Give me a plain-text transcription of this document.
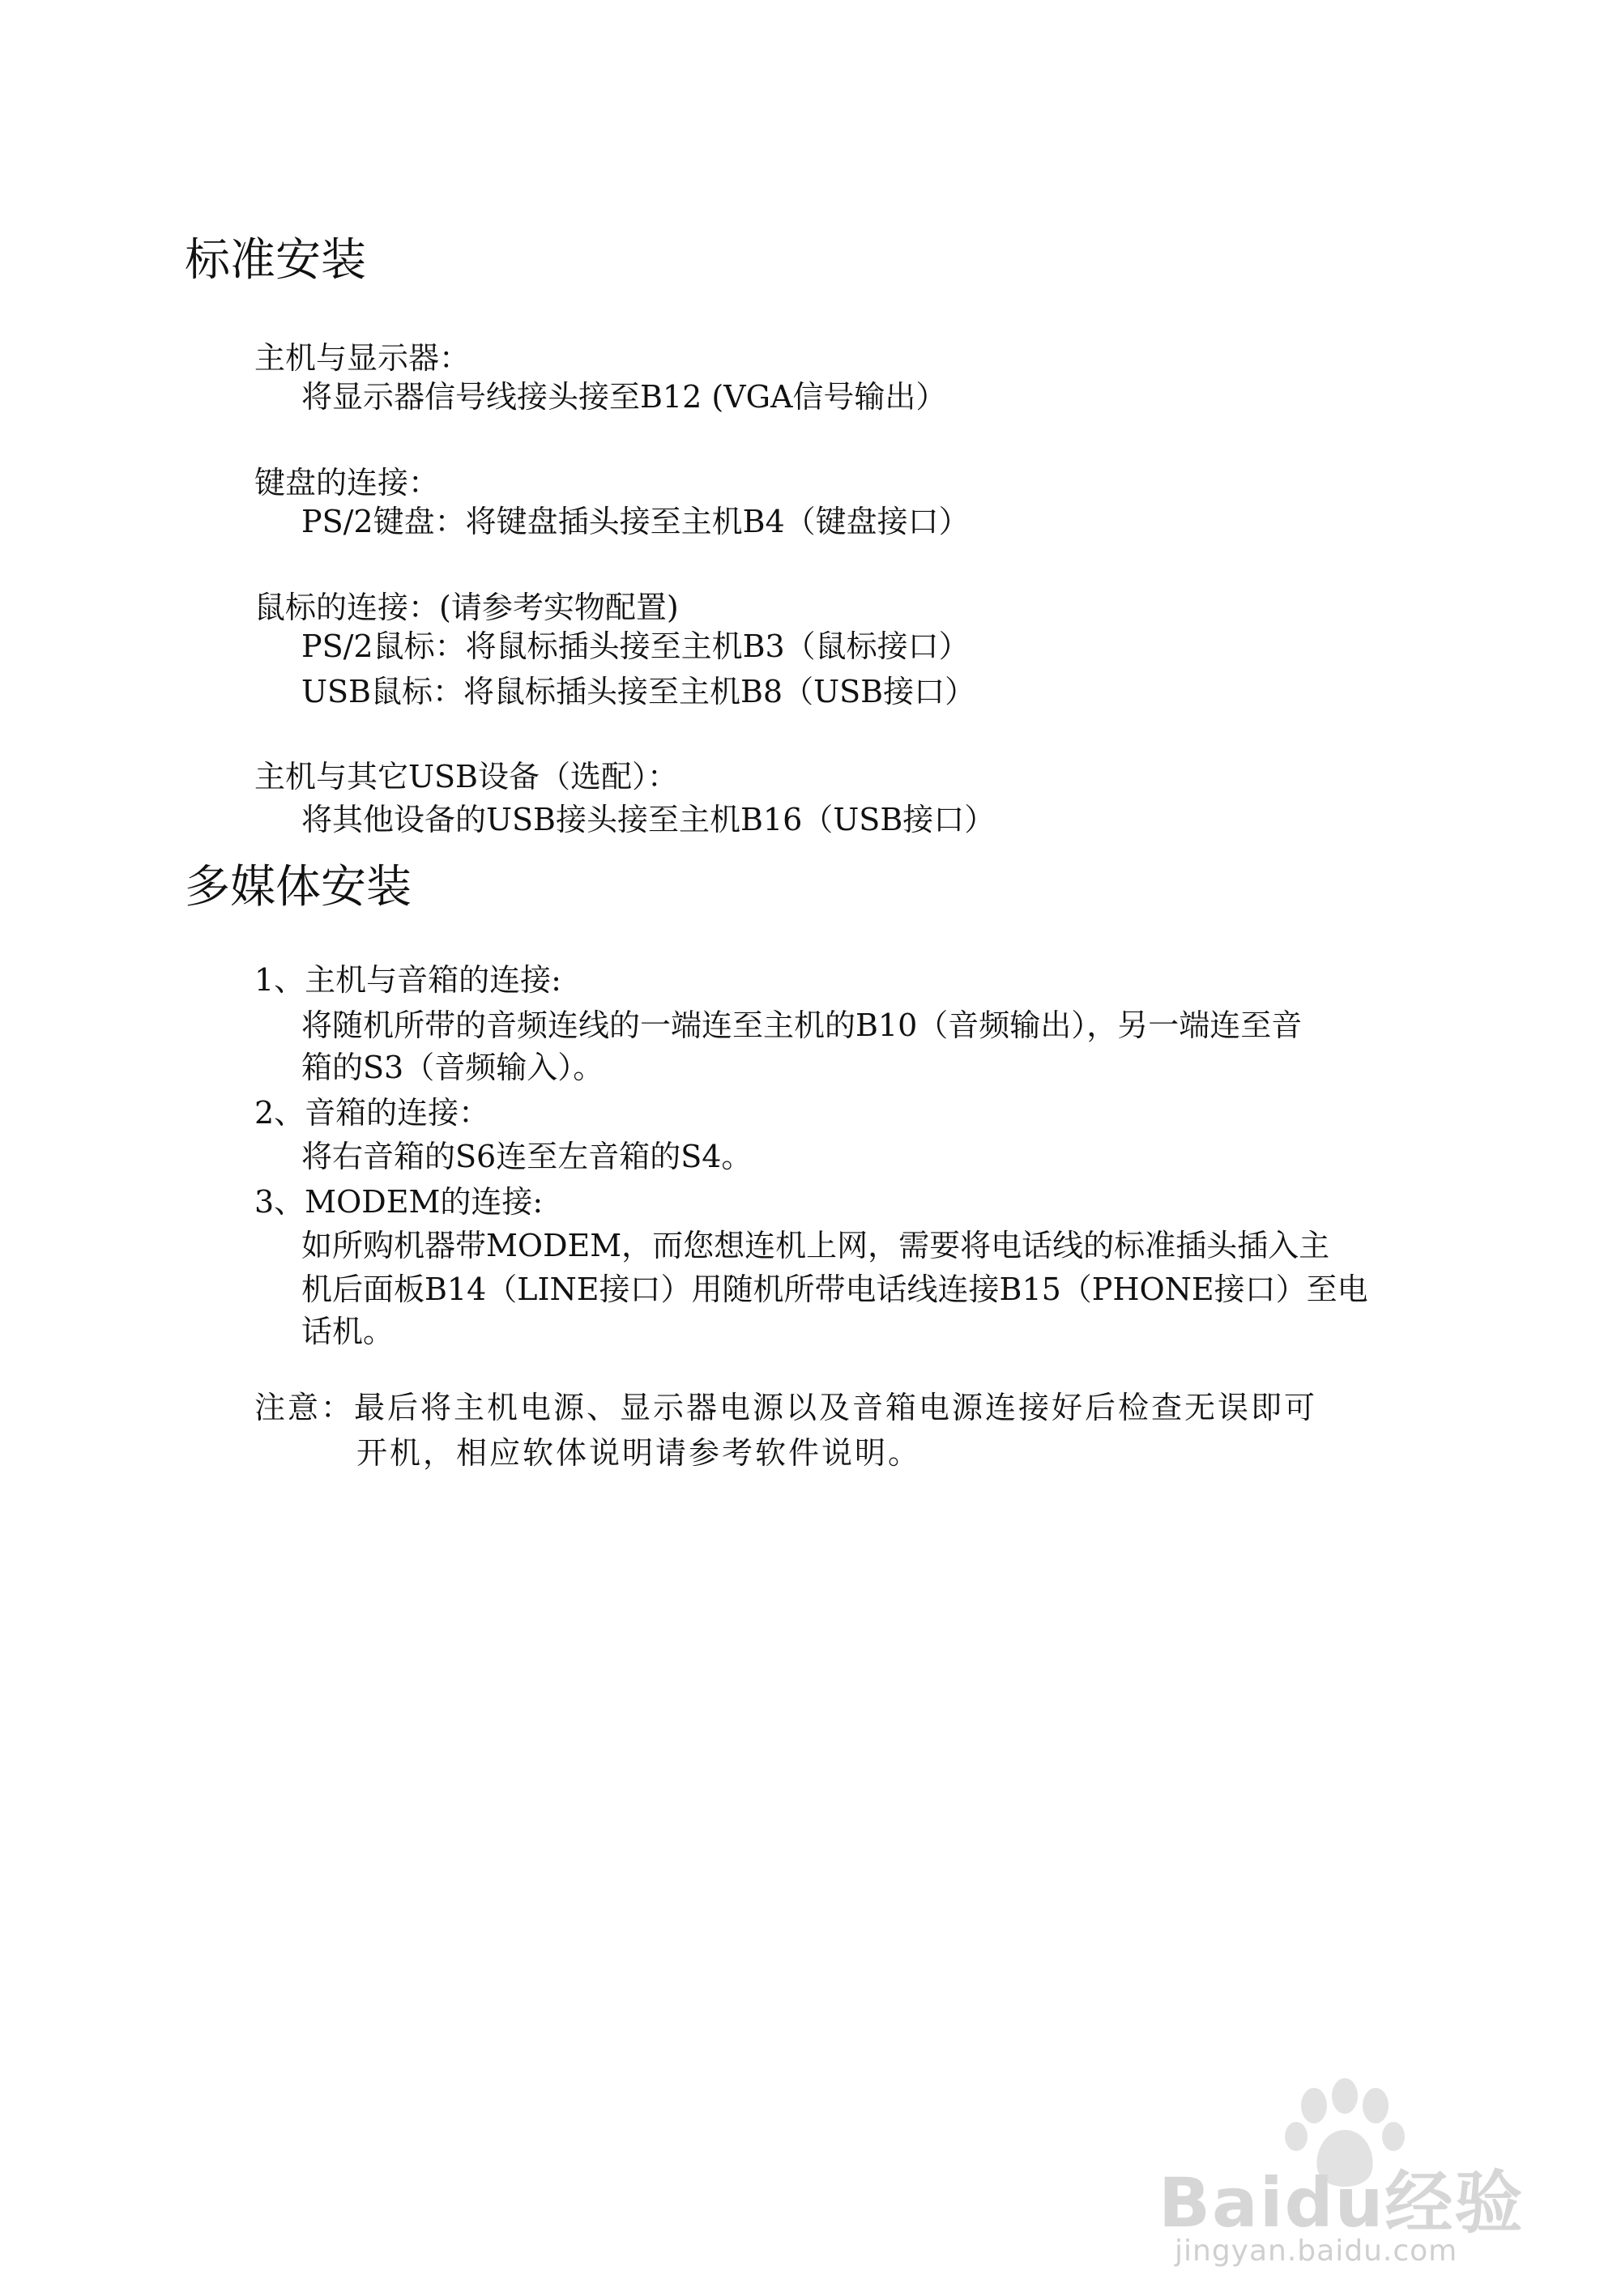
标准安装
主机与显示器：
将显示器信号线接头接至B12 (VGA信号输出）
键盘的连接：
PS/2键盘：将键盘插头接至主机B4（键盘接口）
鼠标的连接：(请参考实物配置)
PS/2鼠标：将鼠标插头接至主机B3（鼠标接口）
USB鼠标：将鼠标插头接至主机B8（USB接口）
主机与其它USB设备（选配）：
将其他设备的USB接头接至主机B16（USB接口）
多媒体安装
1、主机与音箱的连接:
将随机所带的音频连线的一端连至主机的B10（音频输出），另一端连至音
箱的S3（音频输入）。
2、音箱的连接：
将右音箱的S6连至左音箱的S4。
3、MODEM的连接:
如所购机器带MODEM，而您想连机上网，需要将电话线的标准插头插入主
机后面板B14（LINE接口）用随机所带电话线连接B15（PHONE接口）至电
话机。
注意：最后将主机电源、显示器电源以及音箱电源连接好后检查无误即可
开机，相应软体说明请参考软件说明。
Baidu经验
jingyan.baidu.com
